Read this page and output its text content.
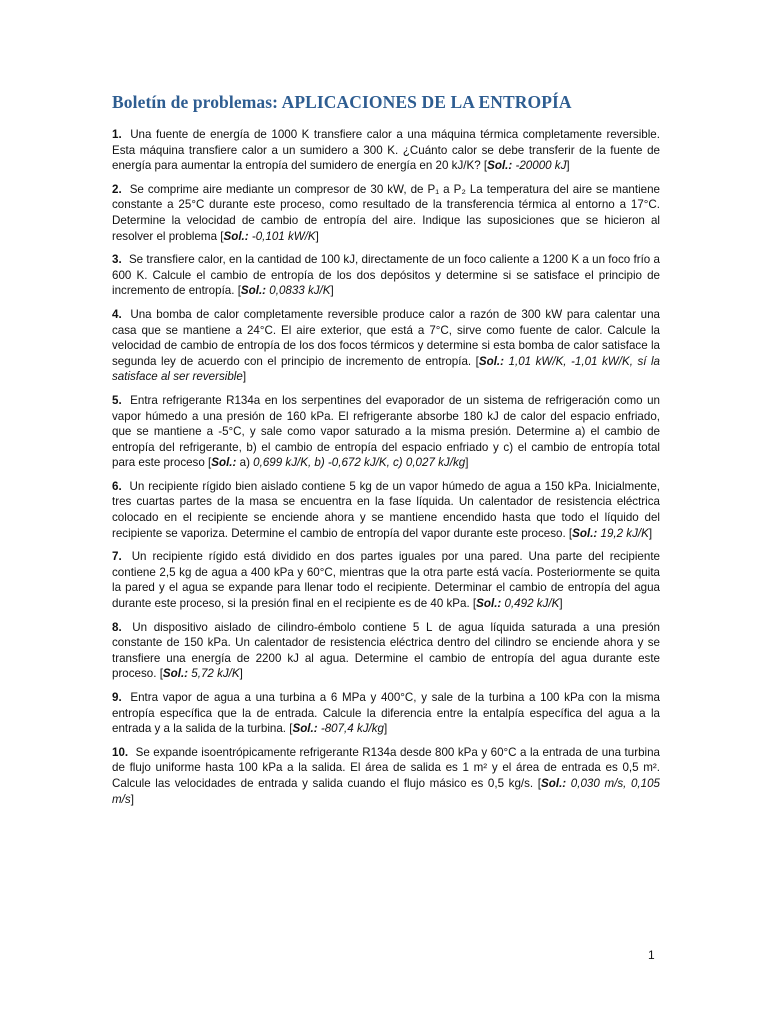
Boletín de problemas: APLICACIONES DE LA ENTROPÍA

1. Una fuente de energía de 1000 K transfiere calor a una máquina térmica completamente reversible. Esta máquina transfiere calor a un sumidero a 300 K. ¿Cuánto calor se debe transferir de la fuente de energía para aumentar la entropía del sumidero de energía en 20 kJ/K? [Sol.: -20000 kJ]

2. Se comprime aire mediante un compresor de 30 kW, de P₁ a P₂ La temperatura del aire se mantiene constante a 25°C durante este proceso, como resultado de la transferencia térmica al entorno a 17°C. Determine la velocidad de cambio de entropía del aire. Indique las suposiciones que se hicieron al resolver el problema [Sol.: -0,101 kW/K]

3. Se transfiere calor, en la cantidad de 100 kJ, directamente de un foco caliente a 1200 K a un foco frío a 600 K. Calcule el cambio de entropía de los dos depósitos y determine si se satisface el principio de incremento de entropía. [Sol.: 0,0833 kJ/K]

4. Una bomba de calor completamente reversible produce calor a razón de 300 kW para calentar una casa que se mantiene a 24°C. El aire exterior, que está a 7°C, sirve como fuente de calor. Calcule la velocidad de cambio de entropía de los dos focos térmicos y determine si esta bomba de calor satisface la segunda ley de acuerdo con el principio de incremento de entropía. [Sol.: 1,01 kW/K, -1,01 kW/K, sí la satisface al ser reversible]

5. Entra refrigerante R134a en los serpentines del evaporador de un sistema de refrigeración como un vapor húmedo a una presión de 160 kPa. El refrigerante absorbe 180 kJ de calor del espacio enfriado, que se mantiene a -5°C, y sale como vapor saturado a la misma presión. Determine a) el cambio de entropía del refrigerante, b) el cambio de entropía del espacio enfriado y c) el cambio de entropía total para este proceso [Sol.: a) 0,699 kJ/K, b) -0,672 kJ/K, c) 0,027 kJ/kg]

6. Un recipiente rígido bien aislado contiene 5 kg de un vapor húmedo de agua a 150 kPa. Inicialmente, tres cuartas partes de la masa se encuentra en la fase líquida. Un calentador de resistencia eléctrica colocado en el recipiente se enciende ahora y se mantiene encendido hasta que todo el líquido del recipiente se vaporiza. Determine el cambio de entropía del vapor durante este proceso. [Sol.: 19,2 kJ/K]

7. Un recipiente rígido está dividido en dos partes iguales por una pared. Una parte del recipiente contiene 2,5 kg de agua a 400 kPa y 60°C, mientras que la otra parte está vacía. Posteriormente se quita la pared y el agua se expande para llenar todo el recipiente. Determinar el cambio de entropía del agua durante este proceso, si la presión final en el recipiente es de 40 kPa. [Sol.: 0,492 kJ/K]

8. Un dispositivo aislado de cilindro-émbolo contiene 5 L de agua líquida saturada a una presión constante de 150 kPa. Un calentador de resistencia eléctrica dentro del cilindro se enciende ahora y se transfiere una energía de 2200 kJ al agua. Determine el cambio de entropía del agua durante este proceso. [Sol.: 5,72 kJ/K]

9. Entra vapor de agua a una turbina a 6 MPa y 400°C, y sale de la turbina a 100 kPa con la misma entropía específica que la de entrada. Calcule la diferencia entre la entalpía específica del agua a la entrada y a la salida de la turbina. [Sol.: -807,4 kJ/kg]

10. Se expande isoentrópicamente refrigerante R134a desde 800 kPa y 60°C a la entrada de una turbina de flujo uniforme hasta 100 kPa a la salida. El área de salida es 1 m² y el área de entrada es 0,5 m². Calcule las velocidades de entrada y salida cuando el flujo másico es 0,5 kg/s. [Sol.: 0,030 m/s, 0,105 m/s]

1
